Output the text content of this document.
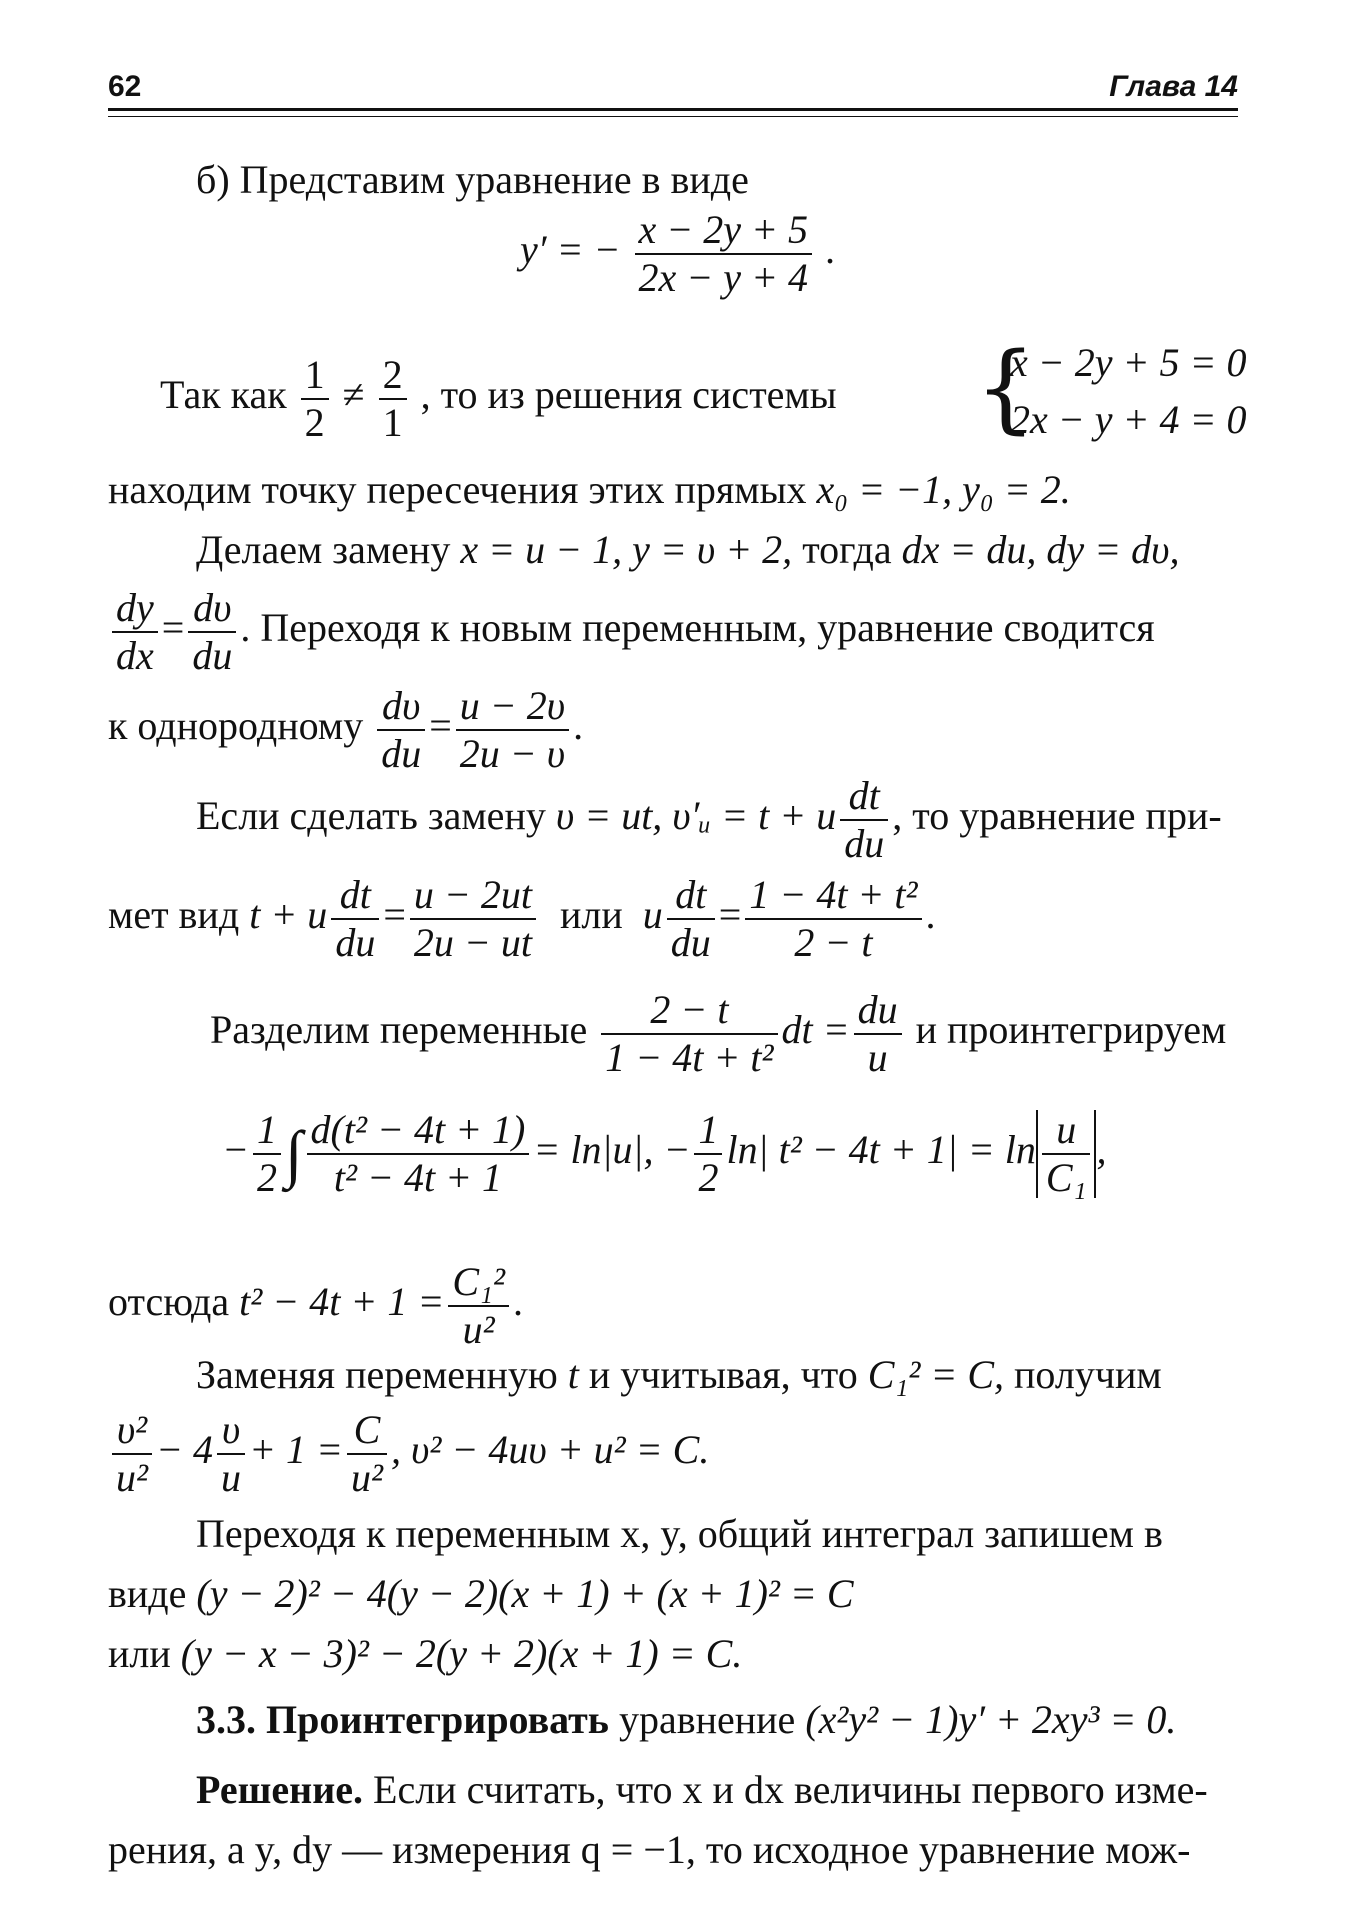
62	Глава 14
б) Представим уравнение в виде
y′ = − $\frac{x - 2y + 5}{2x - y + 4}$ .
Так как $\frac{1}{2} \ne \frac{2}{1}$ , то из решения системы {
x − 2y + 5 = 0
2x − y + 4 = 0
находим точку пересечения этих прямых x₀ = −1, y₀ = 2.
Делаем замену x = u − 1, y = υ + 2, тогда dx = du, dy = dυ,
$\frac{dy}{dx} = \frac{d\upsilon}{du}$ . Переходя к новым переменным, уравнение сводится
к однородному $\frac{d\upsilon}{du} = \frac{u - 2\upsilon}{2u - \upsilon}$ .
Если сделать замену υ = ut, υ′ᵤ = t + u $\frac{dt}{du}$ , то уравнение при-
мет вид t + u $\frac{dt}{du} = \frac{u - 2ut}{2u - ut}$ или u $\frac{dt}{du} = \frac{\text{1 − 4t + t²}}{2 - t}$ .
Разделим переменные $\frac{2 - t}{\text{1 − 4t + t²}}$ dt = $\frac{du}{u}$ и проинтегрируем
− $\frac{1}{2}$ ∫ $\frac{\text{d(t² − 4t + 1)}}{\text{t² − 4t + 1}} = \ln|u|$, − $\frac{1}{2} \ln|$ $t^2 - 4t + 1| = \ln \frac{u}{\text{C₁}}$ ,
отсюда $t^2 - 4t + 1 = \frac{\text{C₁²}}{\text{u²}}$ .
Заменяя переменную t и учитывая, что C₁² = C, получим
$\frac{\text{υ²}}{\text{u²}} - 4 \frac{\upsilon}{u} + 1 = \frac{C}{\text{u²}}$ , υ² − 4uυ + u² = C.
Переходя к переменным x, y, общий интеграл запишем в
виде (y − 2)² − 4(y − 2)(x + 1) + (x + 1)² = C
или (y − x − 3)² − 2(y + 2)(x + 1) = C.
3.3. Проинтегрировать уравнение (x²y² − 1)y′ + 2xy³ = 0.
Решение. Если считать, что x и dx величины первого изме-
рения, а y, dy — измерения q = −1, то исходное уравнение мож-
